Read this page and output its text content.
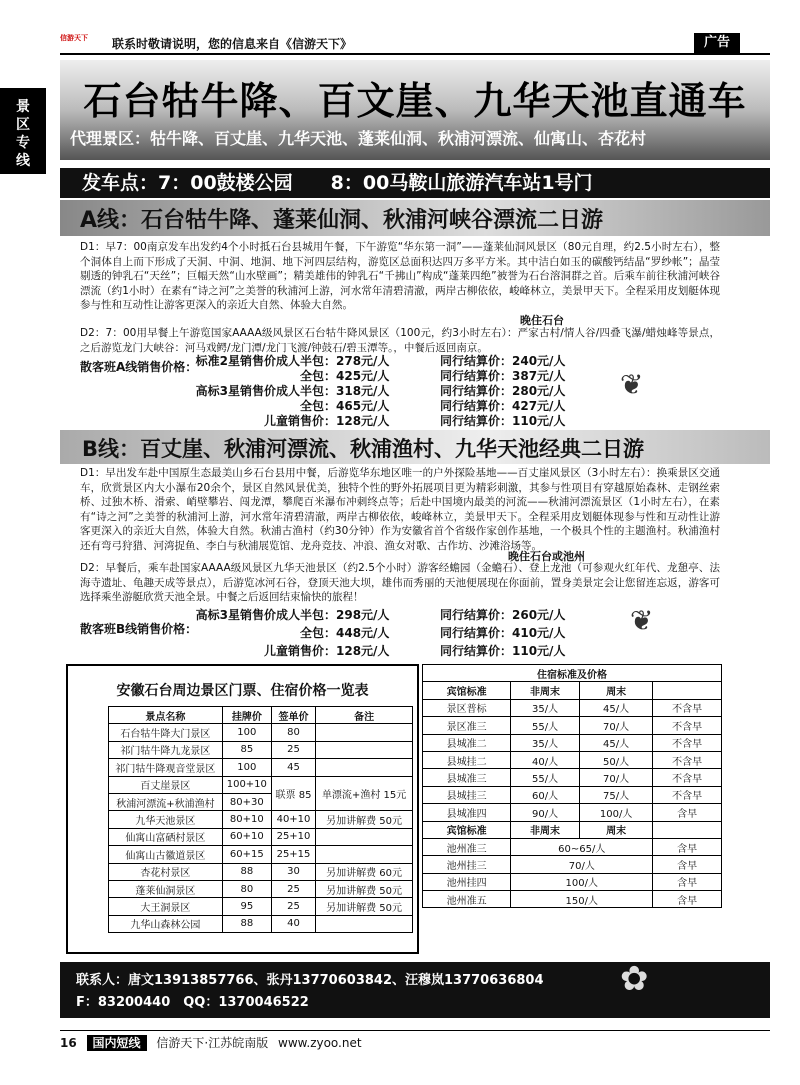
信游天下	联系时敬请说明，您的信息来自《信游天下》	广告
景区专线
石台牯牛降、百文崖、九华天池直通车
代理景区：牯牛降、百丈崖、九华天池、蓬莱仙洞、秋浦河漂流、仙寓山、杏花村
发车点：7：00鼓楼公园　　8：00马鞍山旅游汽车站1号门
A线：石台牯牛降、蓬莱仙洞、秋浦河峡谷漂流二日游
D1：早7：00南京发车出发约4个小时抵石台县城用午餐，下午游览“华东第一洞”——蓬莱仙洞风景区（80元自理，约2.5小时左右），整个洞体自上而下形成了天洞、中洞、地洞、地下河四层结构，游览区总面积达四万多平方米。其中洁白如玉的碳酸钙结晶“罗纱帐”；晶莹剔透的钟乳石“天丝”；巨幅天然“山水壁画”；精美雄伟的钟乳石“千拂山”构成“蓬莱四绝”被誉为石台溶洞群之首。后乘车前往秋浦河峡谷漂流（约1小时）在素有“诗之河”之美誉的秋浦河上游，河水常年清碧清澈，两岸古柳依依，峻峰林立，美景甲天下。全程采用皮划艇体现参与性和互动性让游客更深入的亲近大自然、体验大自然。
晚住石台
D2：7：00用早餐上午游览国家AAAA级风景区石台牯牛降风景区（100元，约3小时左右）：严家古村/情人谷/四叠飞瀑/蜡烛峰等景点，之后游览龙门大峡谷：河马戏鳄/龙门潭/龙门飞渡/钟鼓石/碧玉潭等。，中餐后返回南京。
散客班A线销售价格：
标准2星销售价成人半包：278元/人	同行结算价：240元/人
全包：425元/人	同行结算价：387元/人
高标3星销售价成人半包：318元/人	同行结算价：280元/人
全包：465元/人	同行结算价：427元/人
儿童销售价：128元/人	同行结算价：110元/人
❦
B线：百丈崖、秋浦河漂流、秋浦渔村、九华天池经典二日游
D1：早出发车赴中国原生态最美山乡石台县用中餐，后游览华东地区唯一的户外探险基地——百丈崖风景区（3小时左右）：换乘景区交通车，欣赏景区内大小瀑布20余个，景区自然风景优美，独特个性的野外拓展项目更为精彩刺激，其参与性项目有穿越原始森林、走钢丝索桥、过独木桥、滑索、峭壁攀岩、闯龙潭，攀爬百米瀑布冲刺终点等；后赴中国境内最美的河流——秋浦河漂流景区（1小时左右），在素有“诗之河”之美誉的秋浦河上游，河水常年清碧清澈，两岸古柳依依，峻峰林立，美景甲天下。全程采用皮划艇体现参与性和互动性让游客更深入的亲近大自然，体验大自然。秋浦古渔村（约30分钟）作为安徽省首个省级作家创作基地，一个极具个性的主题渔村。秋浦渔村还有弯弓狩猎、河湾捉鱼、李白与秋浦展览馆、龙舟竞技、冲浪、渔女对歌、古作坊、沙滩浴场等。
晚住石台或池州
D2：早餐后，乘车赴国家AAAA级风景区九华天池景区（约2.5个小时）游客经蟾园（金蟾石）、登上龙池（可参观火红年代、龙憩亭、法海寺遗址、龟趣天成等景点），后游览冰河石谷，登顶天池大坝，雄伟而秀丽的天池便展现在你面前，置身美景定会让您留连忘返，游客可选择乘坐游艇欣赏天池全景。中餐之后返回结束愉快的旅程！
散客班B线销售价格：
高标3星销售价成人半包：298元/人	同行结算价：260元/人
全包：448元/人	同行结算价：410元/人
儿童销售价：128元/人	同行结算价：110元/人
❦
安徽石台周边景区门票、住宿价格一览表
景点名称	挂牌价	签单价	备注
石台牯牛降大门景区	100	80	
祁门牯牛降九龙景区	85	25	
祁门牯牛降观音堂景区	100	45	
百丈崖景区	100+10	联票 85	单漂流+渔村 15元
秋浦河漂流+秋浦渔村	80+30		
九华天池景区	80+10	40+10	另加讲解费 50元
仙寓山富硒村景区	60+10	25+10	
仙寓山古徽道景区	60+15	25+15	
杏花村景区	88	30	另加讲解费 60元
蓬莱仙洞景区	80	25	另加讲解费 50元
大王洞景区	95	25	另加讲解费 50元
九华山森林公园	88	40	
住宿标准及价格			
宾馆标准	非周末	周末	
景区普标	35/人	45/人	不含早
景区准三	55/人	70/人	不含早
县城准二	35/人	45/人	不含早
县城挂二	40/人	50/人	不含早
县城准三	55/人	70/人	不含早
县城挂三	60/人	75/人	不含早
县城准四	90/人	100/人	含早
宾馆标准	非周末	周末	
池州准三	60~65/人		含早
池州挂三	70/人		含早
池州挂四	100/人		含早
池州准五	150/人		含早
联系人：唐文13913857766、张丹13770603842、汪穆岚13770636804
F：83200440　QQ：1370046522
✿
16 国内短线 信游天下·江苏皖南版 www.zyoo.net
